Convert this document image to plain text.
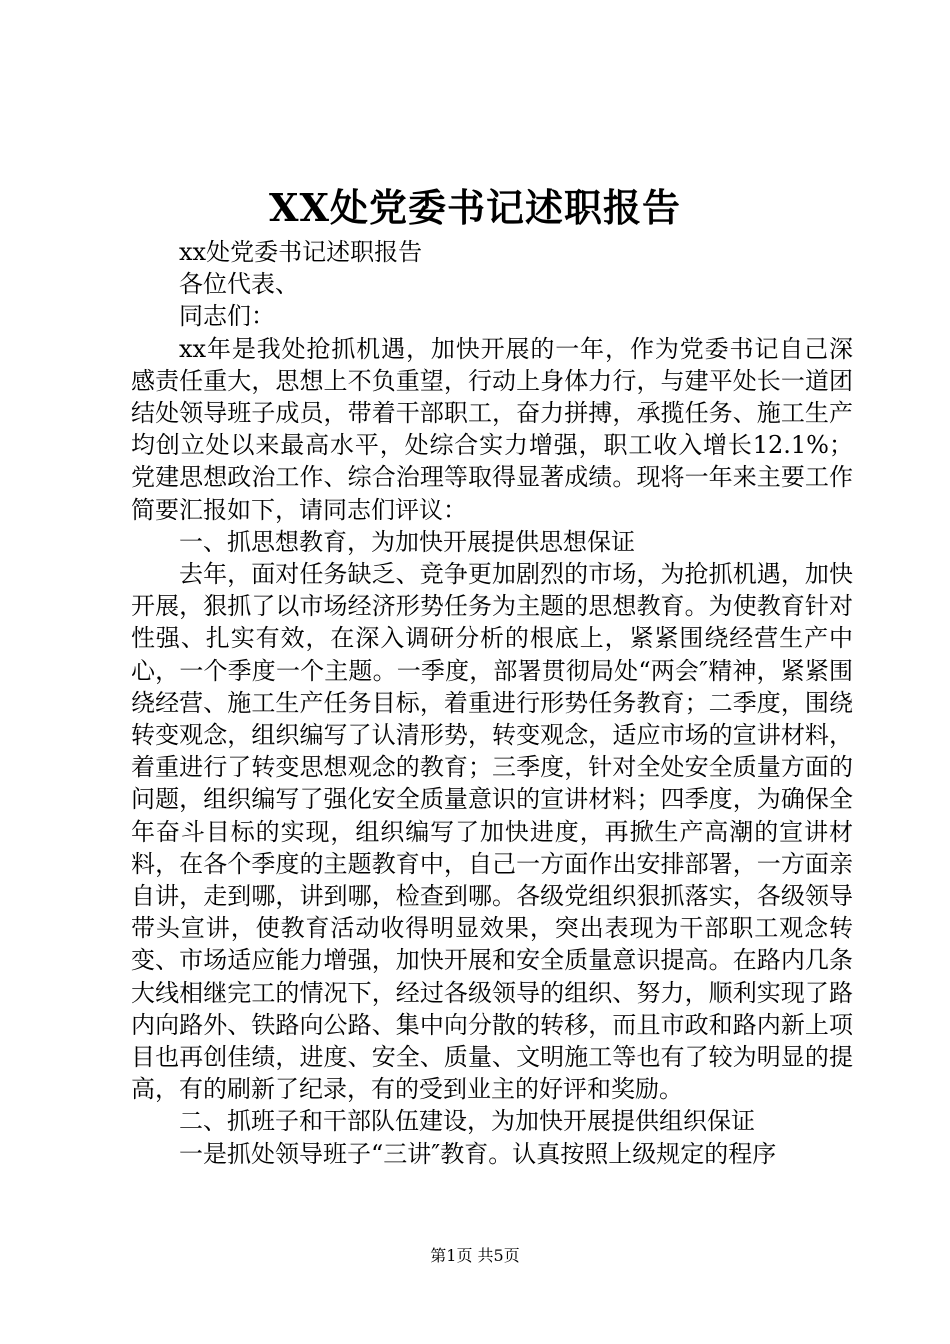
XX处党委书记述职报告

xx处党委书记述职报告

各位代表、

同志们：

xx年是我处抢抓机遇，加快开展的一年，作为党委书记自己深感责任重大，思想上不负重望，行动上身体力行，与建平处长一道团结处领导班子成员，带着干部职工，奋力拼搏，承揽任务、施工生产均创立处以来最高水平，处综合实力增强，职工收入增长12.1%；党建思想政治工作、综合治理等取得显著成绩。现将一年来主要工作简要汇报如下，请同志们评议：

一、抓思想教育，为加快开展提供思想保证

去年，面对任务缺乏、竞争更加剧烈的市场，为抢抓机遇，加快开展，狠抓了以市场经济形势任务为主题的思想教育。为使教育针对性强、扎实有效，在深入调研分析的根底上，紧紧围绕经营生产中心，一个季度一个主题。一季度，部署贯彻局处“两会″精神，紧紧围绕经营、施工生产任务目标，着重进行形势任务教育；二季度，围绕转变观念，组织编写了认清形势，转变观念，适应市场的宣讲材料，着重进行了转变思想观念的教育；三季度，针对全处安全质量方面的问题，组织编写了强化安全质量意识的宣讲材料；四季度，为确保全年奋斗目标的实现，组织编写了加快进度，再掀生产高潮的宣讲材料，在各个季度的主题教育中，自己一方面作出安排部署，一方面亲自讲，走到哪，讲到哪，检查到哪。各级党组织狠抓落实，各级领导带头宣讲，使教育活动收得明显效果，突出表现为干部职工观念转变、市场适应能力增强，加快开展和安全质量意识提高。在路内几条大线相继完工的情况下，经过各级领导的组织、努力，顺利实现了路内向路外、铁路向公路、集中向分散的转移，而且市政和路内新上项目也再创佳绩，进度、安全、质量、文明施工等也有了较为明显的提高，有的刷新了纪录，有的受到业主的好评和奖励。

二、抓班子和干部队伍建设，为加快开展提供组织保证

一是抓处领导班子“三讲″教育。认真按照上级规定的程序

第1页 共5页
